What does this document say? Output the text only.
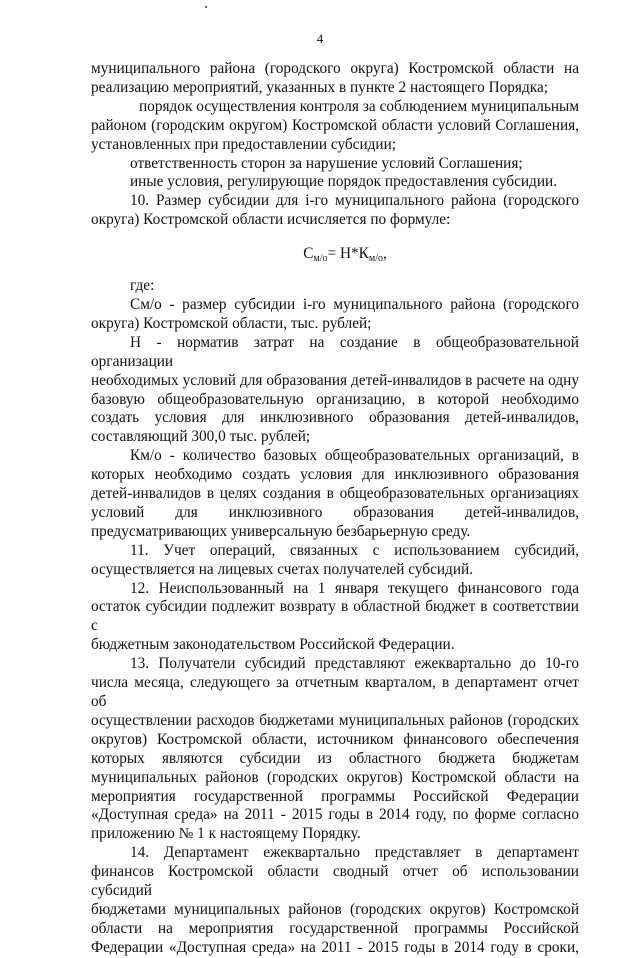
4
муниципального района (городского округа) Костромской области на
реализацию мероприятий, указанных в пункте 2 настоящего Порядка;
порядок осуществления контроля за соблюдением муниципальным
районом (городским округом) Костромской области условий Соглашения,
установленных при предоставлении субсидии;
ответственность сторон за нарушение условий Соглашения;
иные условия, регулирующие порядок предоставления субсидии.
10. Размер субсидии для i-го муниципального района (городского
округа) Костромской области исчисляется по формуле:
$С_{м/о}= Н*К_{м/о}$,
где:
См/о - размер субсидии i-го муниципального района (городского
округа) Костромской области, тыс. рублей;
Н - норматив затрат на создание в общеобразовательной организации
необходимых условий для образования детей-инвалидов в расчете на одну
базовую общеобразовательную организацию, в которой необходимо
создать условия для инклюзивного образования детей-инвалидов,
составляющий 300,0 тыс. рублей;
Км/о - количество базовых общеобразовательных организаций, в
которых необходимо создать условия для инклюзивного образования
детей-инвалидов в целях создания в общеобразовательных организациях
условий для инклюзивного образования детей-инвалидов,
предусматривающих универсальную безбарьерную среду.
11. Учет операций, связанных с использованием субсидий,
осуществляется на лицевых счетах получателей субсидий.
12. Неиспользованный на 1 января текущего финансового года
остаток субсидии подлежит возврату в областной бюджет в соответствии с
бюджетным законодательством Российской Федерации.
13. Получатели субсидий представляют ежеквартально до 10-го
числа месяца, следующего за отчетным кварталом, в департамент отчет об
осуществлении расходов бюджетами муниципальных районов (городских
округов) Костромской области, источником финансового обеспечения
которых являются субсидии из областного бюджета бюджетам
муниципальных районов (городских округов) Костромской области на
мероприятия государственной программы Российской Федерации
«Доступная среда» на 2011 - 2015 годы в 2014 году, по форме согласно
приложению № 1 к настоящему Порядку.
14. Департамент ежеквартально представляет в департамент
финансов Костромской области сводный отчет об использовании субсидий
бюджетами муниципальных районов (городских округов) Костромской
области на мероприятия государственной программы Российской
Федерации «Доступная среда» на 2011 - 2015 годы в 2014 году в сроки,
